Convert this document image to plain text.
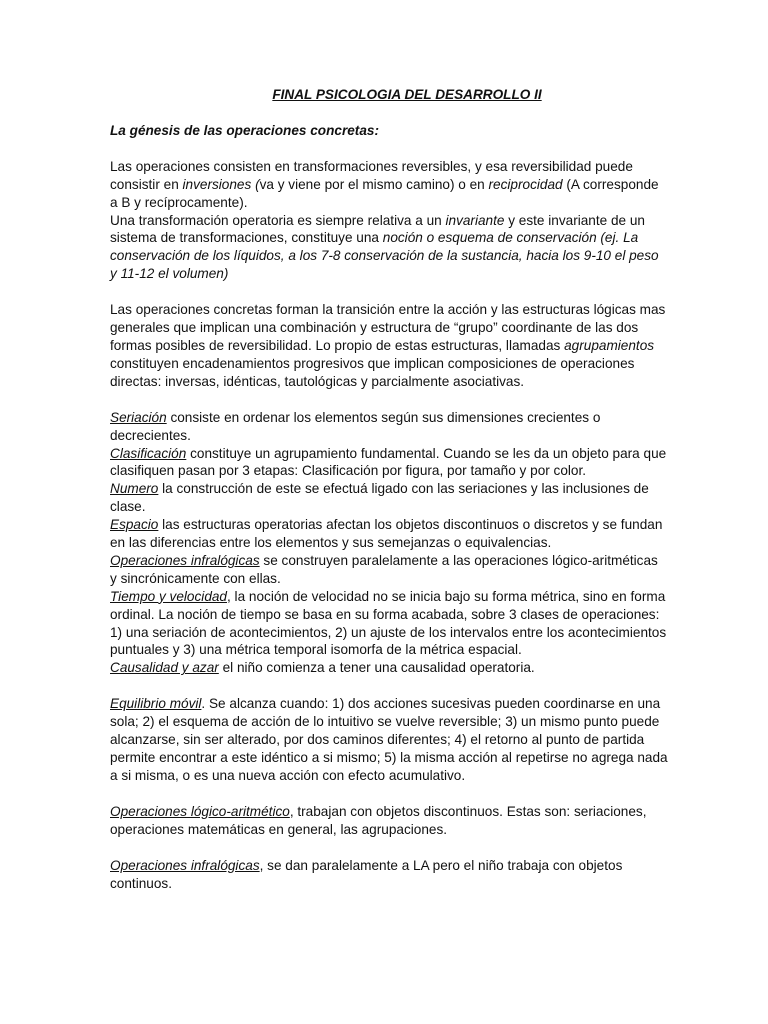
FINAL PSICOLOGIA DEL DESARROLLO II
La génesis de las operaciones concretas:

Las operaciones consisten en transformaciones reversibles, y esa reversibilidad puede consistir en inversiones (va y viene por el mismo camino) o en reciprocidad (A corresponde a B y recíprocamente).

Una transformación operatoria es siempre relativa a un invariante y este invariante de un sistema de transformaciones, constituye una noción o esquema de conservación (ej. La conservación de los líquidos, a los 7-8 conservación de la sustancia, hacia los 9-10 el peso y 11-12 el volumen)

Las operaciones concretas forman la transición entre la acción y las estructuras lógicas mas generales que implican una combinación y estructura de “grupo” coordinante de las dos formas posibles de reversibilidad. Lo propio de estas estructuras, llamadas agrupamientos constituyen encadenamientos progresivos que implican composiciones de operaciones directas: inversas, idénticas, tautológicas y parcialmente asociativas.

Seriación consiste en ordenar los elementos según sus dimensiones crecientes o decrecientes.

Clasificación constituye un agrupamiento fundamental. Cuando se les da un objeto para que clasifiquen pasan por 3 etapas: Clasificación por figura, por tamaño y por color.

Numero la construcción de este se efectuá ligado con las seriaciones y las inclusiones de clase.

Espacio las estructuras operatorias afectan los objetos discontinuos o discretos y se fundan en las diferencias entre los elementos y sus semejanzas o equivalencias.

Operaciones infralógicas se construyen paralelamente a las operaciones lógico-aritméticas y sincrónicamente con ellas.

Tiempo y velocidad, la noción de velocidad no se inicia bajo su forma métrica, sino en forma ordinal. La noción de tiempo se basa en su forma acabada, sobre 3 clases de operaciones: 1) una seriación de acontecimientos, 2) un ajuste de los intervalos entre los acontecimientos puntuales y 3) una métrica temporal isomorfa de la métrica espacial.

Causalidad y azar el niño comienza a tener una causalidad operatoria.

Equilibrio móvil. Se alcanza cuando: 1) dos acciones sucesivas pueden coordinarse en una sola; 2) el esquema de acción de lo intuitivo se vuelve reversible; 3) un mismo punto puede alcanzarse, sin ser alterado, por dos caminos diferentes; 4) el retorno al punto de partida permite encontrar a este idéntico a si mismo; 5) la misma acción al repetirse no agrega nada a si misma, o es una nueva acción con efecto acumulativo.

Operaciones lógico-aritmético, trabajan con objetos discontinuos. Estas son: seriaciones, operaciones matemáticas en general, las agrupaciones.

Operaciones infralógicas, se dan paralelamente a LA pero el niño trabaja con objetos continuos.
